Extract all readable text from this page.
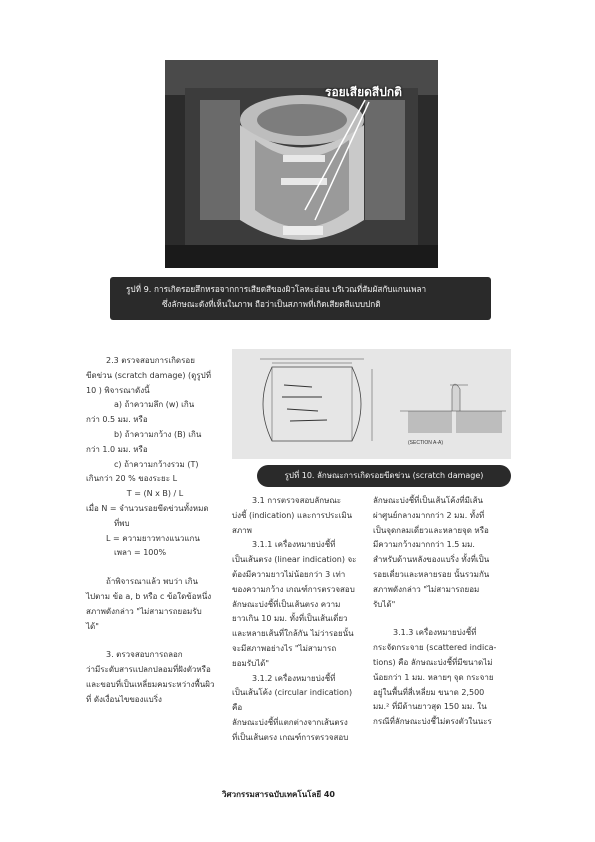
รอยเสียดสีปกติ
รูปที่ 9. การเกิดรอยสึกหรอจากการเสียดสีของผิวโลหะอ่อน บริเวณที่สัมผัสกับแกนเพลา
ซึ่งลักษณะดังที่เห็นในภาพ ถือว่าเป็นสภาพที่เกิดเสียดสีแบบปกติ

2.3 ตรวจสอบการเกิดรอย

ขีดข่วน (scratch damage) (ดูรูปที่

10 ) พิจารณาดังนี้

a) ถ้าความลึก (w) เกิน

กว่า 0.5 มม. หรือ

b) ถ้าความกว้าง (B) เกิน

กว่า 1.0 มม. หรือ

c) ถ้าความกว้างรวม (T)

เกินกว่า 20 % ของระยะ L

T = (N x B) / L

เมื่อ N = จำนวนรอยขีดข่วนทั้งหมด

ที่พบ

L = ความยาวทางแนวแกน

เพลา = 100%

ถ้าพิจารณาแล้ว พบว่า เกิน

ไปตาม ข้อ a, b หรือ c ข้อใดข้อหนึ่ง

สภาพดังกล่าว "ไม่สามารถยอมรับ

ได้"

3. ตรวจสอบการถลอก

ว่ามีระดับสารแปลกปลอมที่ฝังตัวหรือ

และขอบที่เป็นเหลี่ยมคมระหว่างพื้นผิว

ที่ ดังเงื่อนไขของแบริ่ง

(SECTION A-A)
รูปที่ 10. ลักษณะการเกิดรอยขีดข่วน (scratch damage)

3.1 การตรวจสอบลักษณะ

บ่งชี้ (indication) และการประเมิน

สภาพ

3.1.1 เครื่องหมายบ่งชี้ที่

เป็นเส้นตรง (linear indication) จะ

ต้องมีความยาวไม่น้อยกว่า 3 เท่า

ของความกว้าง เกณฑ์การตรวจสอบ

ลักษณะบ่งชี้ที่เป็นเส้นตรง ความ

ยาวเกิน 10 มม. ทั้งที่เป็นเส้นเดี่ยว

และหลายเส้นที่ใกล้กัน ไม่ว่ารอยนั้น

จะมีสภาพอย่างไร "ไม่สามารถ

ยอมรับได้"

3.1.2 เครื่องหมายบ่งชี้ที่

เป็นเส้นโค้ง (circular indication) คือ

ลักษณะบ่งชี้ที่แตกต่างจากเส้นตรง

ที่เป็นเส้นตรง เกณฑ์การตรวจสอบ

ลักษณะบ่งชี้ที่เป็นเส้นโค้งที่มีเส้น

ผ่าศูนย์กลางมากกว่า 2 มม. ทั้งที่

เป็นจุดกลมเดี่ยวและหลายจุด หรือ

มีความกว้างมากกว่า 1.5 มม.

สำหรับด้านหลังของแบริ่ง ทั้งที่เป็น

รอยเดี่ยวและหลายรอย นั้นรวมกัน

สภาพดังกล่าว "ไม่สามารถยอม

รับได้"

3.1.3 เครื่องหมายบ่งชี้ที่

กระจัดกระจาย (scattered indica-

tions) คือ ลักษณะบ่งชี้ที่มีขนาดไม่

น้อยกว่า 1 มม. หลายๆ จุด กระจาย

อยู่ในพื้นที่สี่เหลี่ยม ขนาด 2,500

มม.² ที่มีด้านยาวสุด 150 มม. ใน

กรณีที่ลักษณะบ่งชี้ไม่ตรงตัวในนะร

วิศวกรรมสารฉบับเทคโนโลยี 40
